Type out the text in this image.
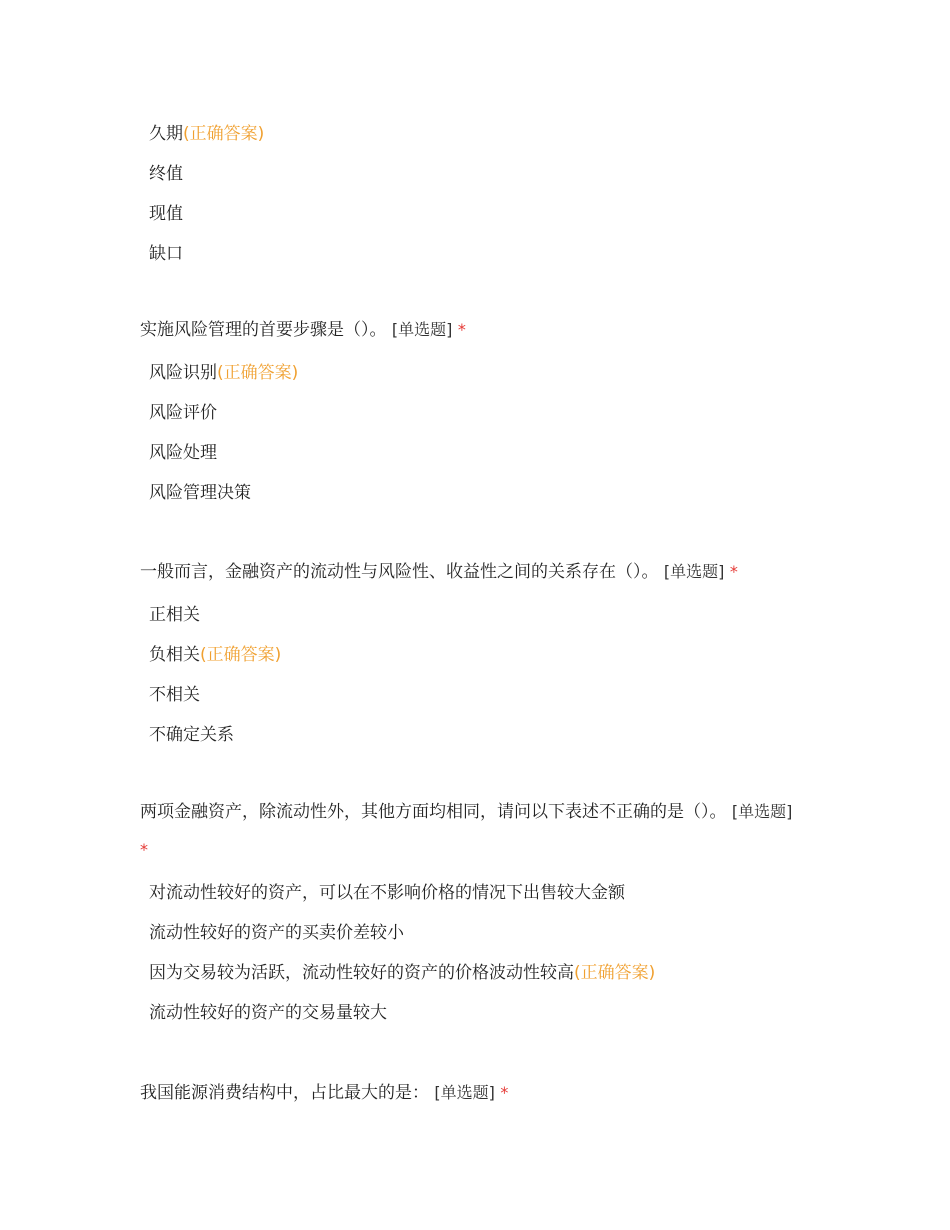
久期(正确答案)
终值
现值
缺口
实施风险管理的首要步骤是（）。 [单选题] *
风险识别(正确答案)
风险评价
风险处理
风险管理决策
一般而言，金融资产的流动性与风险性、收益性之间的关系存在（）。 [单选题] *
正相关
负相关(正确答案)
不相关
不确定关系
两项金融资产，除流动性外，其他方面均相同，请问以下表述不正确的是（）。 [单选题] *
对流动性较好的资产，可以在不影响价格的情况下出售较大金额
流动性较好的资产的买卖价差较小
因为交易较为活跃，流动性较好的资产的价格波动性较高(正确答案)
流动性较好的资产的交易量较大
我国能源消费结构中，占比最大的是： [单选题] *
